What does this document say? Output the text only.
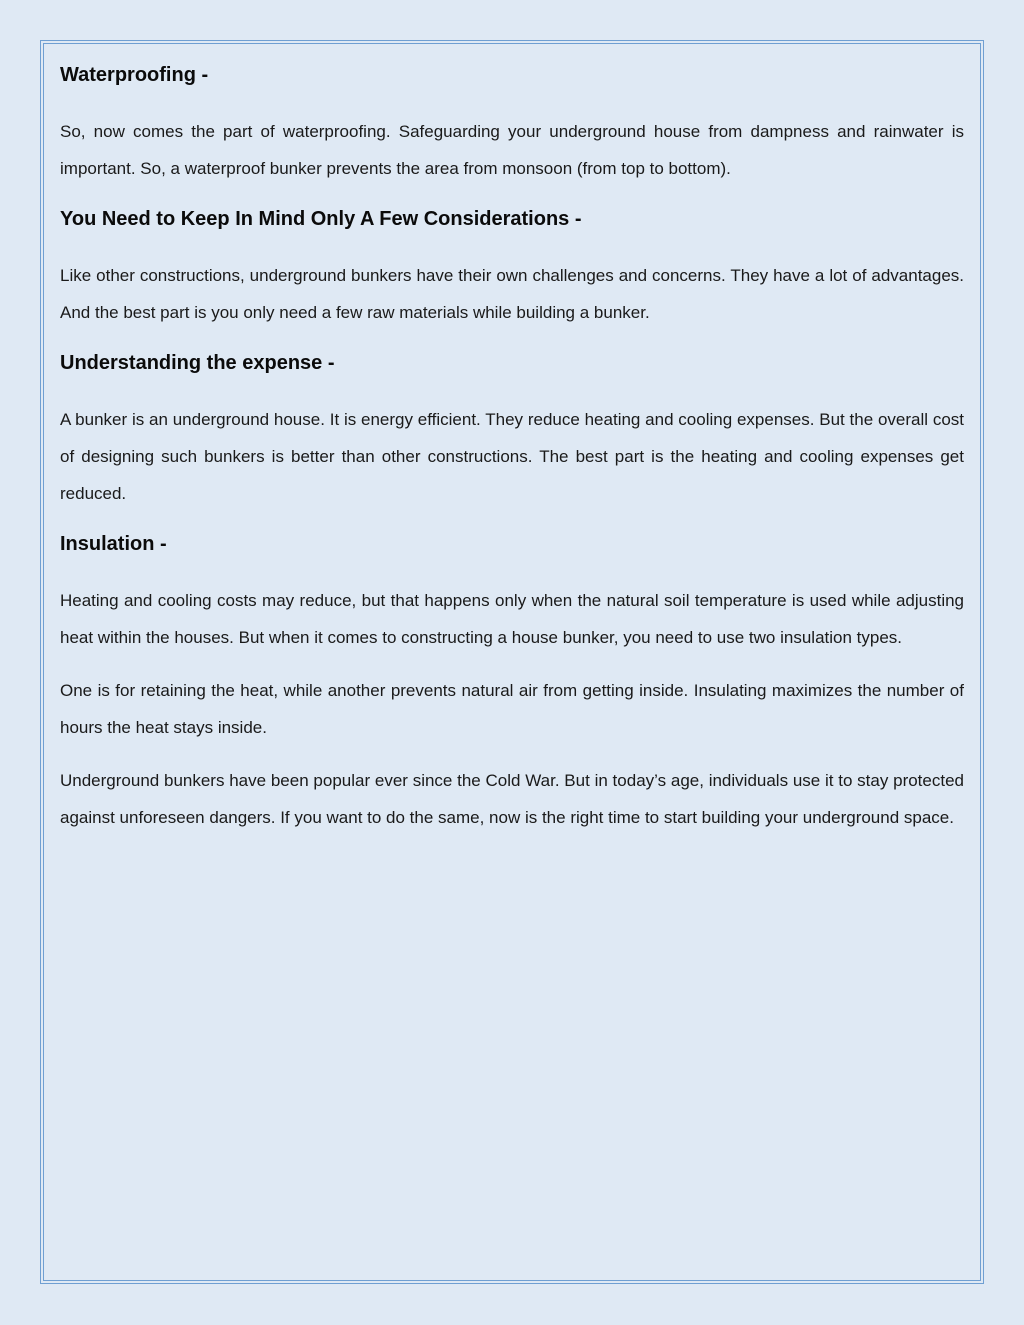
Waterproofing -

So, now comes the part of waterproofing. Safeguarding your underground house from dampness and rainwater is important. So, a waterproof bunker prevents the area from monsoon (from top to bottom).

You Need to Keep In Mind Only A Few Considerations -

Like other constructions, underground bunkers have their own challenges and concerns. They have a lot of advantages. And the best part is you only need a few raw materials while building a bunker.

Understanding the expense -

A bunker is an underground house. It is energy efficient. They reduce heating and cooling expenses. But the overall cost of designing such bunkers is better than other constructions. The best part is the heating and cooling expenses get reduced.

Insulation -

Heating and cooling costs may reduce, but that happens only when the natural soil temperature is used while adjusting heat within the houses. But when it comes to constructing a house bunker, you need to use two insulation types.

One is for retaining the heat, while another prevents natural air from getting inside. Insulating maximizes the number of hours the heat stays inside.

Underground bunkers have been popular ever since the Cold War. But in today’s age, individuals use it to stay protected against unforeseen dangers. If you want to do the same, now is the right time to start building your underground space.
